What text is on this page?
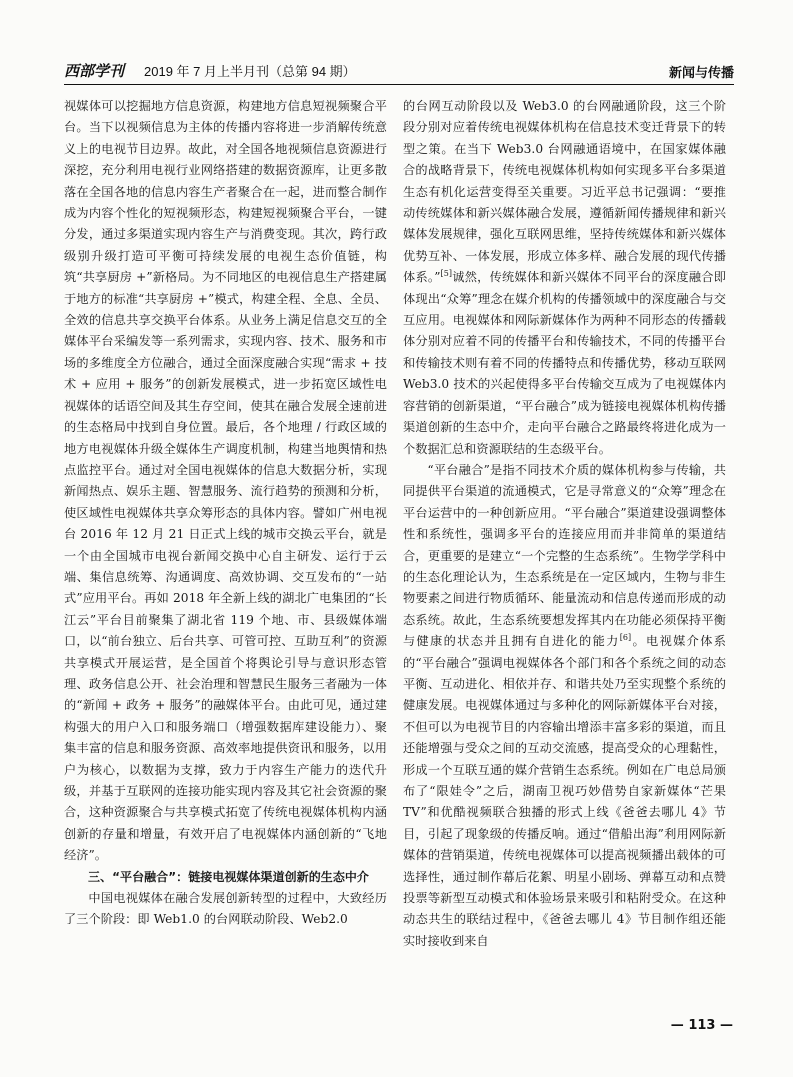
西部学刊 2019 年 7 月上半月刊（总第 94 期）	新闻与传播

视媒体可以挖掘地方信息资源，构建地方信息短视频聚合平台。当下以视频信息为主体的传播内容将进一步消解传统意义上的电视节目边界。故此，对全国各地视频信息资源进行深挖，充分利用电视行业网络搭建的数据资源库，让更多散落在全国各地的信息内容生产者聚合在一起，进而整合制作成为内容个性化的短视频形态，构建短视频聚合平台，一键分发，通过多渠道实现内容生产与消费变现。其次，跨行政级别升级打造可平衡可持续发展的电视生态价值链，构筑“共享厨房 +”新格局。为不同地区的电视信息生产搭建属于地方的标准“共享厨房 +”模式，构建全程、全息、全员、全效的信息共享交换平台体系。从业务上满足信息交互的全媒体平台采编发等一系列需求，实现内容、技术、服务和市场的多维度全方位融合，通过全面深度融合实现“需求 + 技术 + 应用 + 服务”的创新发展模式，进一步拓宽区域性电视媒体的话语空间及其生存空间，使其在融合发展全速前进的生态格局中找到自身位置。最后，各个地理 / 行政区域的地方电视媒体升级全媒体生产调度机制，构建当地舆情和热点监控平台。通过对全国电视媒体的信息大数据分析，实现新闻热点、娱乐主题、智慧服务、流行趋势的预测和分析，使区域性电视媒体共享众筹形态的具体内容。譬如广州电视台 2016 年 12 月 21 日正式上线的城市交换云平台，就是一个由全国城市电视台新闻交换中心自主研发、运行于云端、集信息统筹、沟通调度、高效协调、交互发布的“一站式”应用平台。再如 2018 年全新上线的湖北广电集团的“长江云”平台目前聚集了湖北省 119 个地、市、县级媒体端口，以“前台独立、后台共享、可管可控、互助互利”的资源共享模式开展运营，是全国首个将舆论引导与意识形态管理、政务信息公开、社会治理和智慧民生服务三者融为一体的“新闻 + 政务 + 服务”的融媒体平台。由此可见，通过建构强大的用户入口和服务端口（增强数据库建设能力）、聚集丰富的信息和服务资源、高效率地提供资讯和服务，以用户为核心，以数据为支撑，致力于内容生产能力的迭代升级，并基于互联网的连接功能实现内容及其它社会资源的聚合，这种资源聚合与共享模式拓宽了传统电视媒体机构内涵创新的存量和增量，有效开启了电视媒体内涵创新的“飞地经济”。

三、“平台融合”：链接电视媒体渠道创新的生态中介

中国电视媒体在融合发展创新转型的过程中，大致经历了三个阶段：即 Web1.0 的台网联动阶段、Web2.0

的台网互动阶段以及 Web3.0 的台网融通阶段，这三个阶段分别对应着传统电视媒体机构在信息技术变迁背景下的转型之策。在当下 Web3.0 台网融通语境中，在国家媒体融合的战略背景下，传统电视媒体机构如何实现多平台多渠道生态有机化运营变得至关重要。习近平总书记强调：“要推动传统媒体和新兴媒体融合发展，遵循新闻传播规律和新兴媒体发展规律，强化互联网思维，坚持传统媒体和新兴媒体优势互补、一体发展，形成立体多样、融合发展的现代传播体系。”[5]诚然，传统媒体和新兴媒体不同平台的深度融合即体现出“众筹”理念在媒介机构的传播领域中的深度融合与交互应用。电视媒体和网际新媒体作为两种不同形态的传播载体分别对应着不同的传播平台和传输技术，不同的传播平台和传输技术则有着不同的传播特点和传播优势，移动互联网 Web3.0 技术的兴起使得多平台传输交互成为了电视媒体内容营销的创新渠道，“平台融合”成为链接电视媒体机构传播渠道创新的生态中介，走向平台融合之路最终将进化成为一个数据汇总和资源联结的生态级平台。

“平台融合”是指不同技术介质的媒体机构参与传输，共同提供平台渠道的流通模式，它是寻常意义的“众筹”理念在平台运营中的一种创新应用。“平台融合”渠道建设强调整体性和系统性，强调多平台的连接应用而并非简单的渠道结合，更重要的是建立“一个完整的生态系统”。生物学学科中的生态化理论认为，生态系统是在一定区域内，生物与非生物要素之间进行物质循环、能量流动和信息传递而形成的动态系统。故此，生态系统要想发挥其内在功能必须保持平衡与健康的状态并且拥有自进化的能力[6]。电视媒介体系的“平台融合”强调电视媒体各个部门和各个系统之间的动态平衡、互动进化、相依并存、和谐共处乃至实现整个系统的健康发展。电视媒体通过与多种化的网际新媒体平台对接，不但可以为电视节目的内容输出增添丰富多彩的渠道，而且还能增强与受众之间的互动交流感，提高受众的心理黏性，形成一个互联互通的媒介营销生态系统。例如在广电总局颁布了“限娃令”之后，湖南卫视巧妙借势自家新媒体“芒果 TV”和优酷视频联合独播的形式上线《爸爸去哪儿 4》节目，引起了现象级的传播反响。通过“借船出海”利用网际新媒体的营销渠道，传统电视媒体可以提高视频播出载体的可选择性，通过制作幕后花絮、明星小剧场、弹幕互动和点赞投票等新型互动模式和体验场景来吸引和粘附受众。在这种动态共生的联结过程中，《爸爸去哪儿 4》节目制作组还能实时接收到来自

— 113 —
